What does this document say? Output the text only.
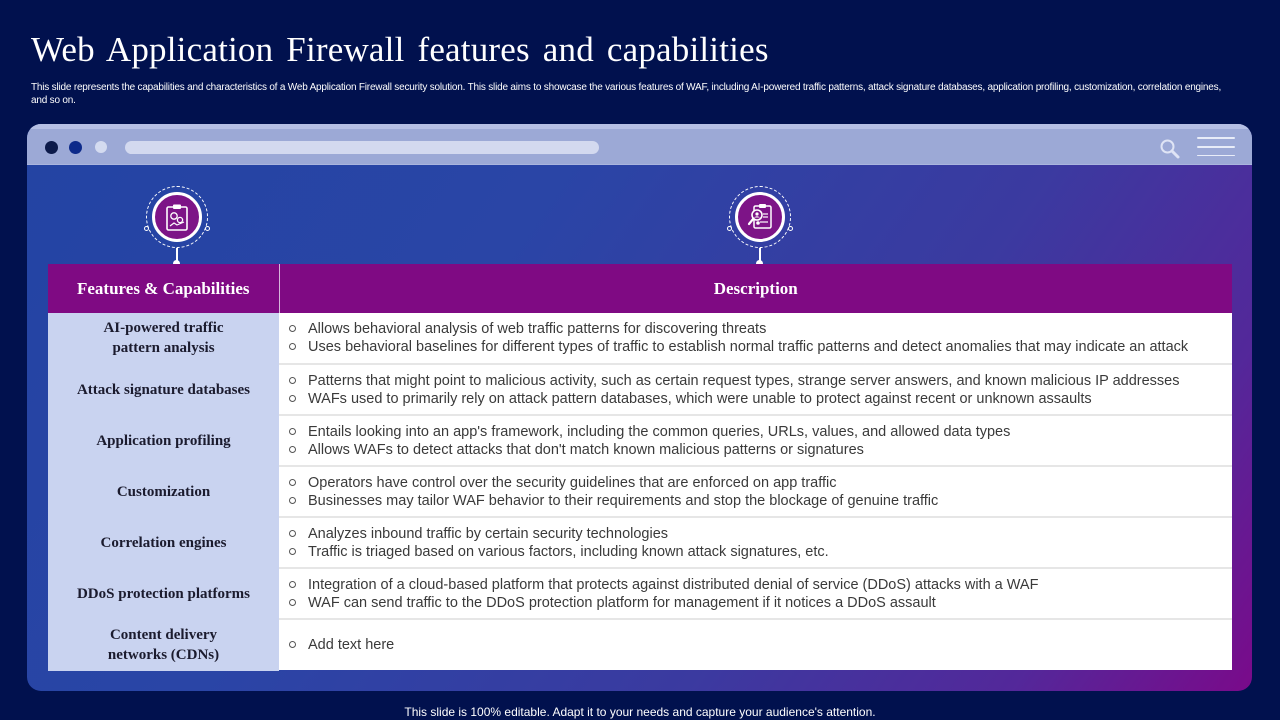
Web Application Firewall features and capabilities
This slide represents the capabilities and characteristics of a Web Application Firewall security solution. This slide aims to showcase the various features of WAF, including AI-powered traffic patterns, attack signature databases, application profiling, customization, correlation engines, and so on.
Features & Capabilities	Description

AI-powered traffic pattern analysis	Allows behavioral analysis of web traffic patterns for discovering threats
Uses behavioral baselines for different types of traffic to establish normal traffic patterns and detect anomalies that may indicate an attack

Attack signature databases	Patterns that might point to malicious activity, such as certain request types, strange server answers, and known malicious IP addresses
WAFs used to primarily rely on attack pattern databases, which were unable to protect against recent or unknown assaults

Application profiling	Entails looking into an app's framework, including the common queries, URLs, values, and allowed data types
Allows WAFs to detect attacks that don't match known malicious patterns or signatures

Customization	Operators have control over the security guidelines that are enforced on app traffic
Businesses may tailor WAF behavior to their requirements and stop the blockage of genuine traffic

Correlation engines	Analyzes inbound traffic by certain security technologies
Traffic is triaged based on various factors, including known attack signatures, etc.

DDoS protection platforms	Integration of a cloud-based platform that protects against distributed denial of service (DDoS) attacks with a WAF
WAF can send traffic to the DDoS protection platform for management if it notices a DDoS assault

Content delivery networks (CDNs)	Add text here
This slide is 100% editable. Adapt it to your needs and capture your audience's attention.
